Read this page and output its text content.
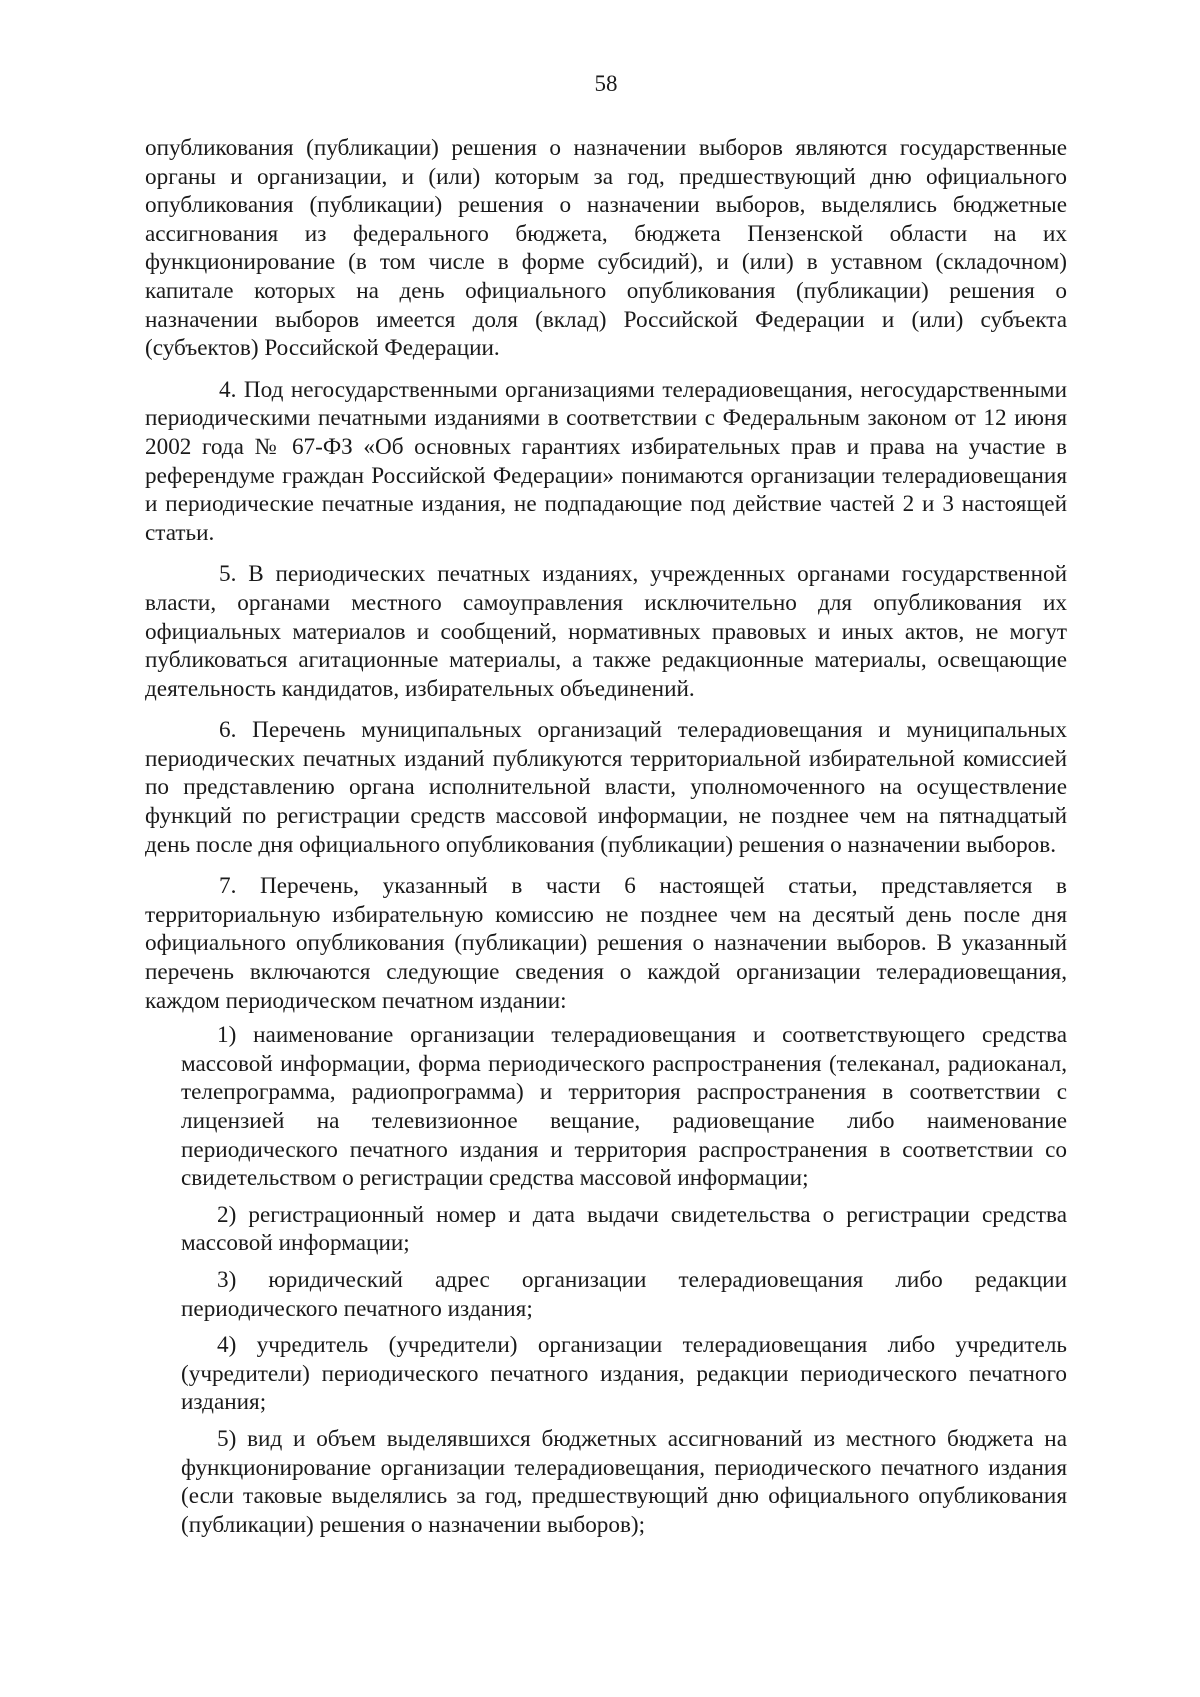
58

опубликования (публикации) решения о назначении выборов являются государственные органы и организации, и (или) которым за год, предшествующий дню официального опубликования (публикации) решения о назначении выборов, выделялись бюджетные ассигнования из федерального бюджета, бюджета Пензенской области на их функционирование (в том числе в форме субсидий), и (или) в уставном (складочном) капитале которых на день официального опубликования (публикации) решения о назначении выборов имеется доля (вклад) Российской Федерации и (или) субъекта (субъектов) Российской Федерации.

4. Под негосударственными организациями телерадиовещания, негосударственными периодическими печатными изданиями в соответствии с Федеральным законом от 12 июня 2002 года № 67-ФЗ «Об основных гарантиях избирательных прав и права на участие в референдуме граждан Российской Федерации» понимаются организации телерадиовещания и периодические печатные издания, не подпадающие под действие частей 2 и 3 настоящей статьи.

5. В периодических печатных изданиях, учрежденных органами государственной власти, органами местного самоуправления исключительно для опубликования их официальных материалов и сообщений, нормативных правовых и иных актов, не могут публиковаться агитационные материалы, а также редакционные материалы, освещающие деятельность кандидатов, избирательных объединений.

6. Перечень муниципальных организаций телерадиовещания и муниципальных периодических печатных изданий публикуются территориальной избирательной комиссией по представлению органа исполнительной власти, уполномоченного на осуществление функций по регистрации средств массовой информации, не позднее чем на пятнадцатый день после дня официального опубликования (публикации) решения о назначении выборов.

7. Перечень, указанный в части 6 настоящей статьи, представляется в территориальную избирательную комиссию не позднее чем на десятый день после дня официального опубликования (публикации) решения о назначении выборов. В указанный перечень включаются следующие сведения о каждой организации телерадиовещания, каждом периодическом печатном издании:

1) наименование организации телерадиовещания и соответствующего средства массовой информации, форма периодического распространения (телеканал, радиоканал, телепрограмма, радиопрограмма) и территория распространения в соответствии с лицензией на телевизионное вещание, радиовещание либо наименование периодического печатного издания и территория распространения в соответствии со свидетельством о регистрации средства массовой информации;

2) регистрационный номер и дата выдачи свидетельства о регистрации средства массовой информации;

3) юридический адрес организации телерадиовещания либо редакции периодического печатного издания;

4) учредитель (учредители) организации телерадиовещания либо учредитель (учредители) периодического печатного издания, редакции периодического печатного издания;

5) вид и объем выделявшихся бюджетных ассигнований из местного бюджета на функционирование организации телерадиовещания, периодического печатного издания (если таковые выделялись за год, предшествующий дню официального опубликования (публикации) решения о назначении выборов);
